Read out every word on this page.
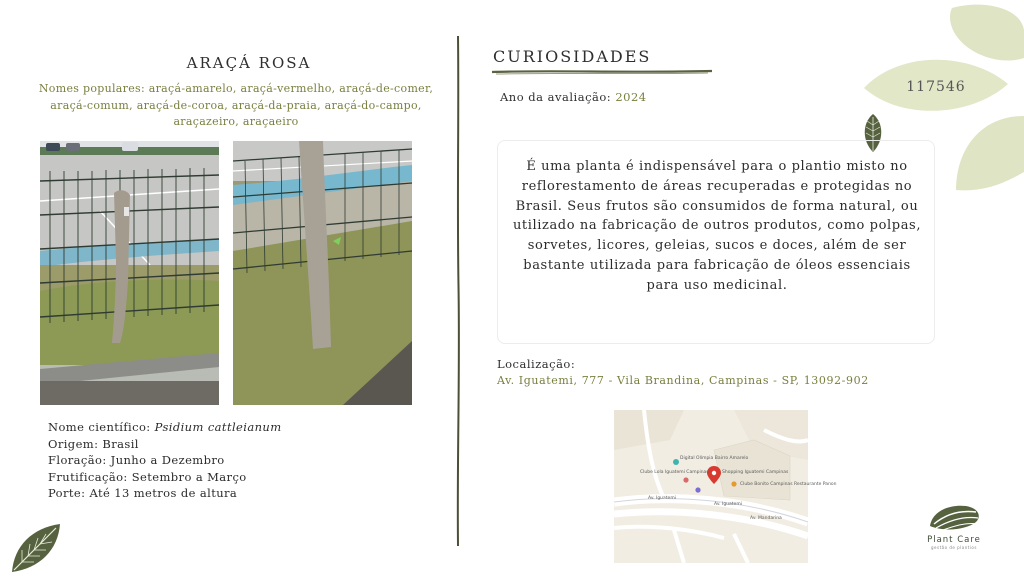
ARAÇÁ ROSA
Nomes populares: araçá-amarelo, araçá-vermelho, araçá-de-comer, araçá-comum, araçá-de-coroa, araçá-da-praia, araçá-do-campo, araçazeiro, araçaeiro
Nome científico: Psidium cattleianum
Origem: Brasil
Floração: Junho a Dezembro
Frutificação: Setembro a Março
Porte: Até 13 metros de altura
CURIOSIDADES
Ano da avaliação: 2024
117546
É uma planta é indispensável para o plantio misto no reflorestamento de áreas recuperadas e protegidas no Brasil. Seus frutos são consumidos de forma natural, ou utilizado na fabricação de outros produtos, como polpas, sorvetes, licores, geleias, sucos e doces, além de ser bastante utilizada para fabricação de óleos essenciais para uso medicinal.
Localização:
Av. Iguatemi, 777 - Vila Brandina, Campinas - SP, 13092-902
Digital Olímpia Bairro Amarelo
Clube Lola Iguatemi Campinas	Shopping Iguatemi Campinas
Clube Bonito Campinas Restaurante Panon
Av. Iguatemi
Av. Iguatemi
Av. Mandarina
Plant Care
gestão de plantios
